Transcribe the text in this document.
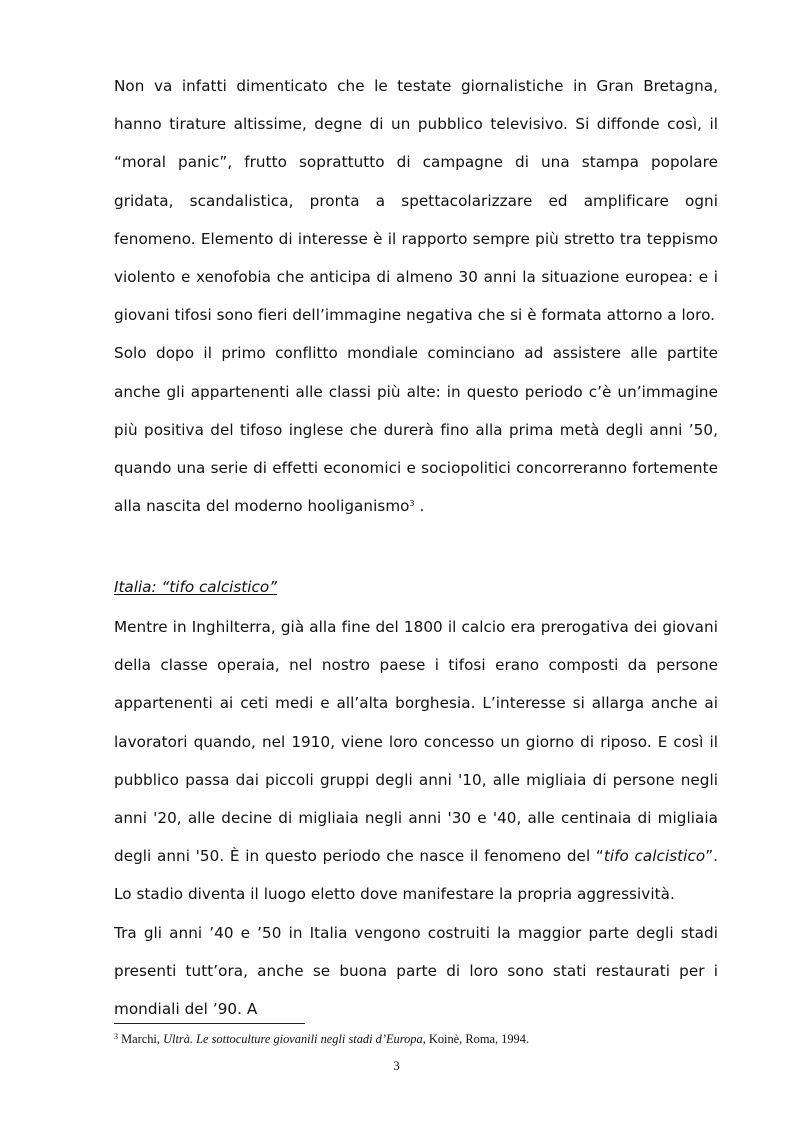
Non va infatti dimenticato che le testate giornalistiche in Gran Bretagna, hanno tirature altissime, degne di un pubblico televisivo. Si diffonde così, il “moral panic”, frutto soprattutto di campagne di una stampa popolare gridata, scandalistica, pronta a spettacolarizzare ed amplificare ogni fenomeno. Elemento di interesse è il rapporto sempre più stretto tra teppismo violento e xenofobia che anticipa di almeno 30 anni la situazione europea: e i giovani tifosi sono fieri dell’immagine negativa che si è formata attorno a loro.

Solo dopo il primo conflitto mondiale cominciano ad assistere alle partite anche gli appartenenti alle classi più alte: in questo periodo c’è un’immagine più positiva del tifoso inglese che durerà fino alla prima metà degli anni ’50, quando una serie di effetti economici e sociopolitici concorreranno fortemente alla nascita del moderno hooliganismo$^3$ .

Italia: “tifo calcistico”

Mentre in Inghilterra, già alla fine del 1800 il calcio era prerogativa dei giovani della classe operaia, nel nostro paese i tifosi erano composti da persone appartenenti ai ceti medi e all’alta borghesia. L’interesse si allarga anche ai lavoratori quando, nel 1910, viene loro concesso un giorno di riposo. E così il pubblico passa dai piccoli gruppi degli anni '10, alle migliaia di persone negli anni '20, alle decine di migliaia negli anni '30 e '40, alle centinaia di migliaia degli anni '50. È in questo periodo che nasce il fenomeno del “tifo calcistico”. Lo stadio diventa il luogo eletto dove manifestare la propria aggressività.

Tra gli anni ’40 e ’50 in Italia vengono costruiti la maggior parte degli stadi presenti tutt’ora, anche se buona parte di loro sono stati restaurati per i mondiali del ’90. A

$^3$ Marchi, Ultrà. Le sottoculture giovanili negli stadi d’Europa, Koinè, Roma, 1994.
3
